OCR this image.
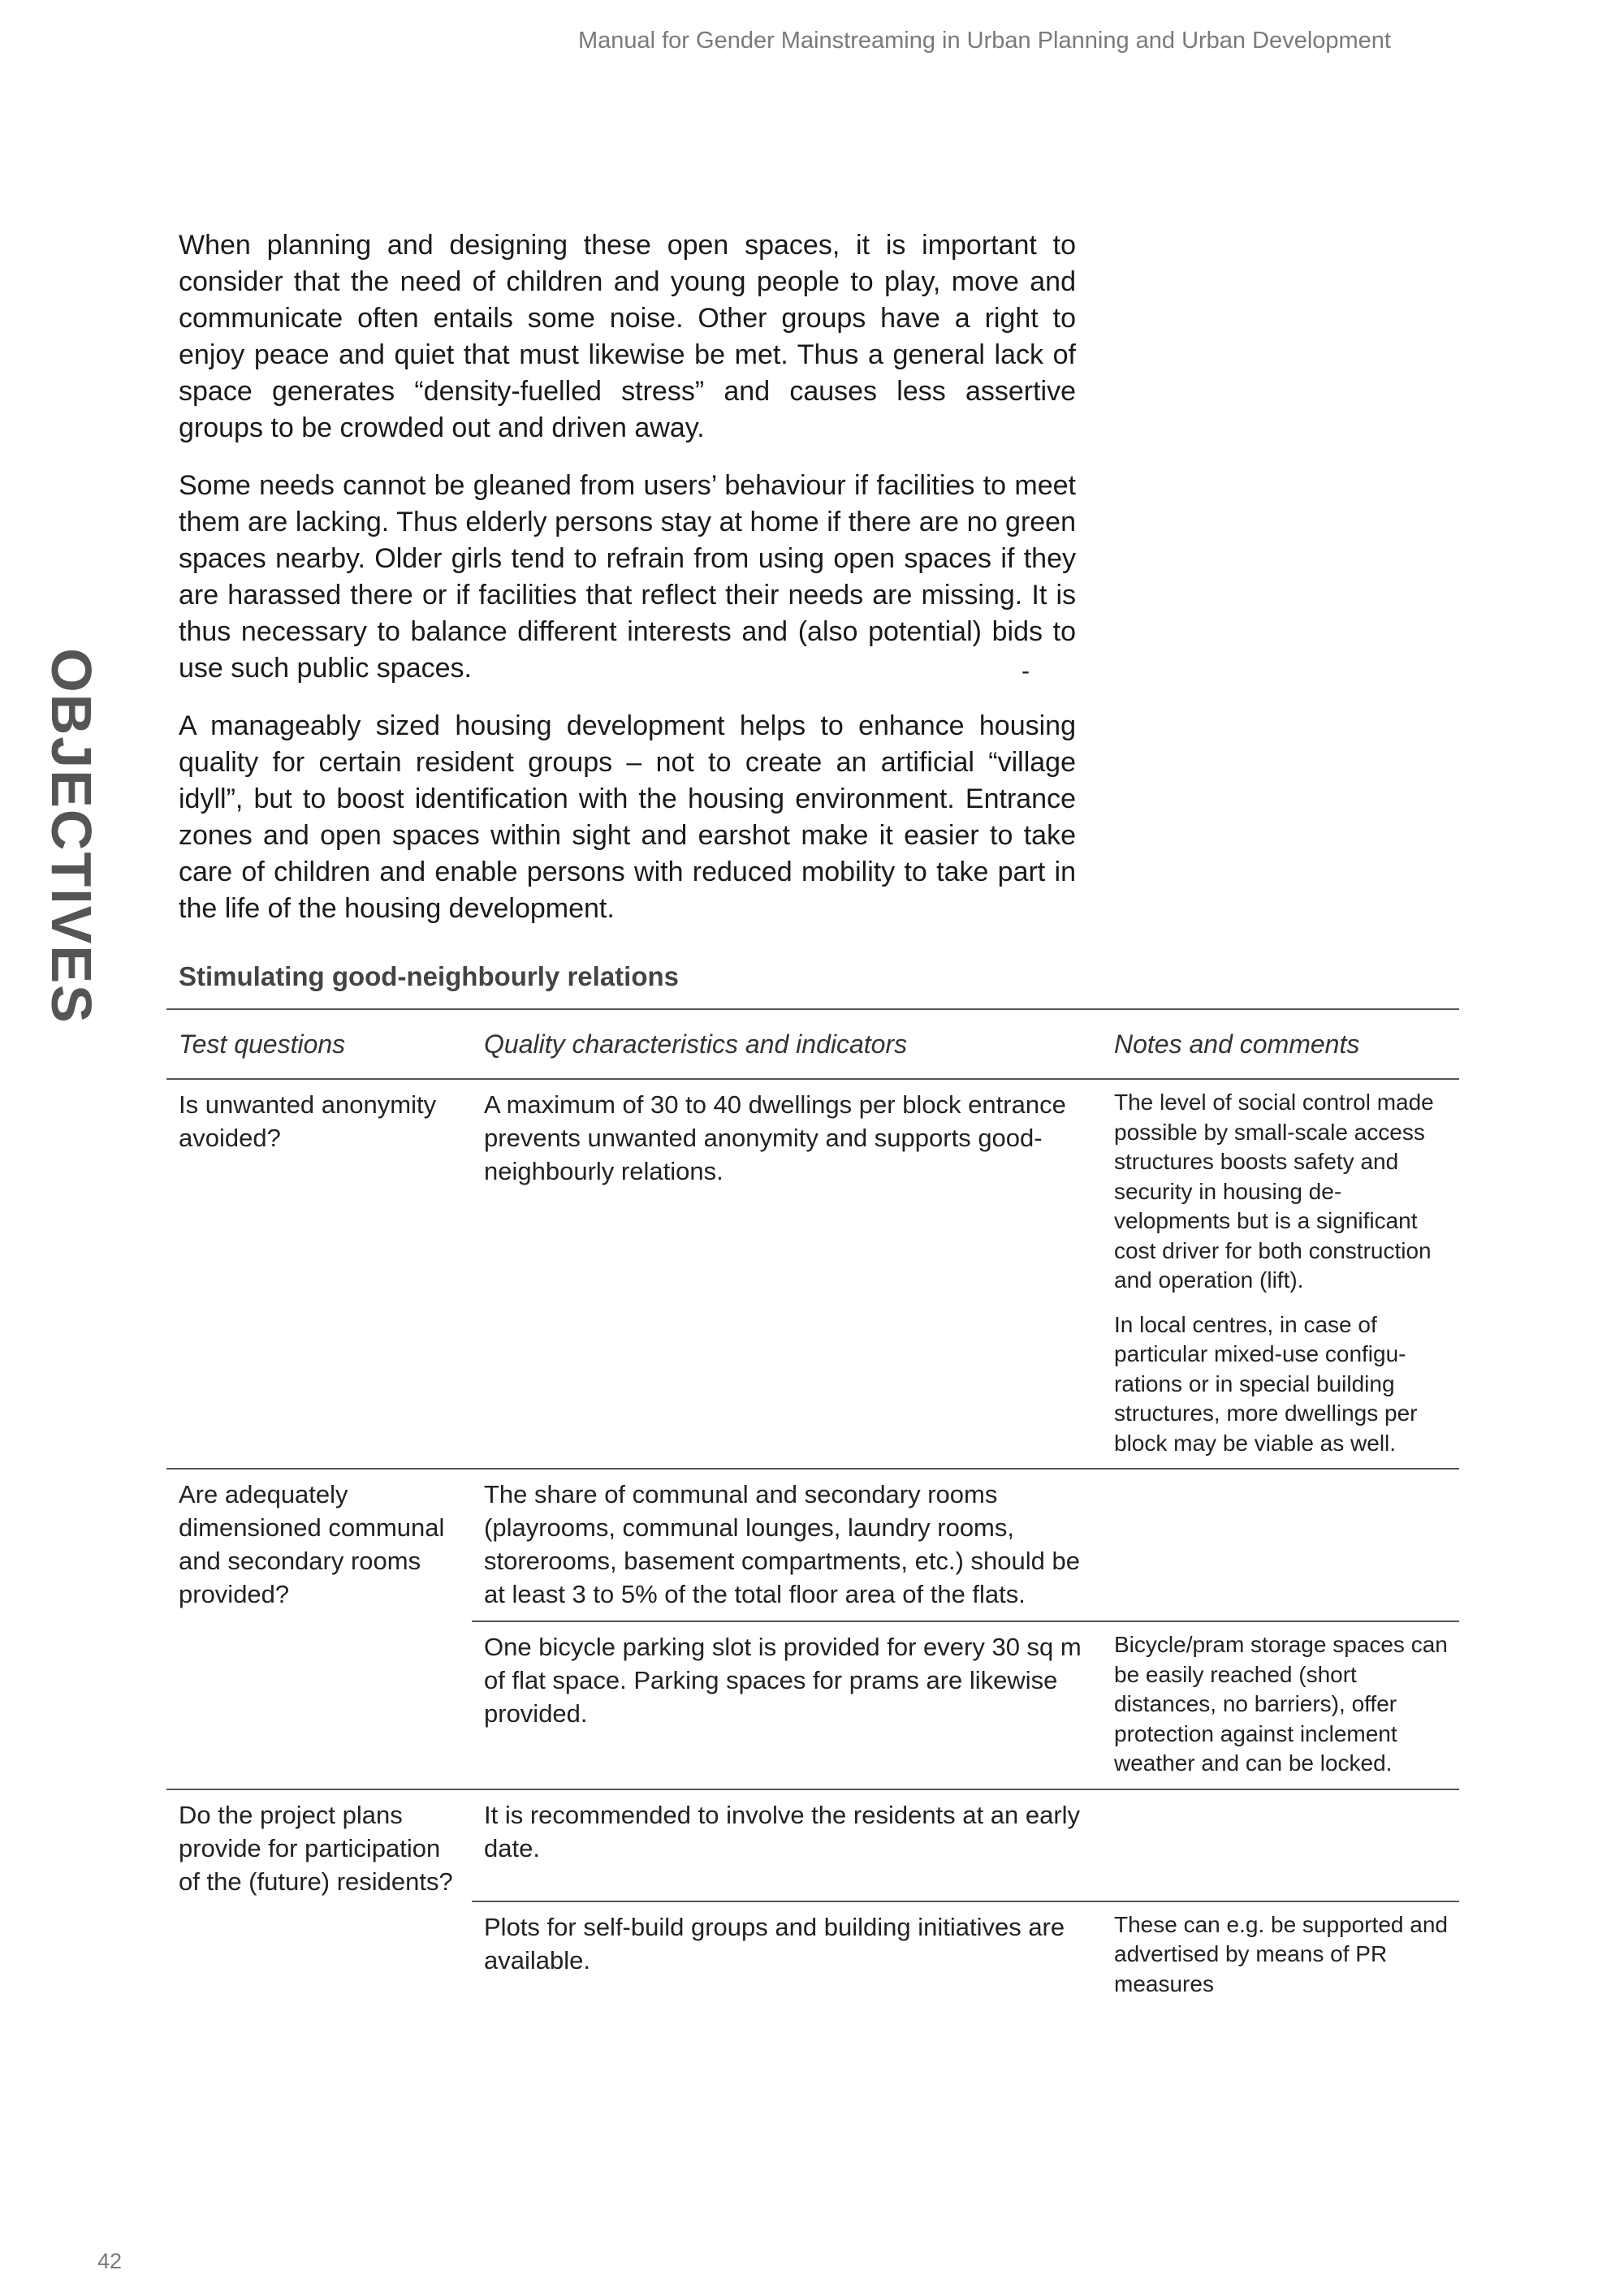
Manual for Gender Mainstreaming in Urban Planning and Urban Development
OBJECTIVES

When planning and designing these open spaces, it is important to consider that the need of children and young people to play, move and communicate often entails some noise. Other groups have a right to enjoy peace and quiet that must likewise be met. Thus a general lack of space generates “density-fuelled stress” and causes less assertive groups to be crowded out and driven away.

Some needs cannot be gleaned from users’ behaviour if facilities to meet them are lacking. Thus elderly persons stay at home if there are no green spaces nearby. Older girls tend to refrain from using open spaces if they are harassed there or if facilities that reflect their needs are missing. It is thus necessary to balance different interests and (also potential) bids to use such public spaces.

A manageably sized housing development helps to enhance housing quality for certain resident groups – not to create an artificial “village idyll”, but to boost identification with the housing environment. Entrance zones and open spaces within sight and earshot make it easier to take care of children and enable persons with reduced mobility to take part in the life of the housing development.

-
Stimulating good-neighbourly relations
Test questions	Quality characteristics and indicators	Notes and comments
Is unwanted anonymity avoided?	A maximum of 30 to 40 dwellings per block entrance prevents unwanted anonymity and supports good-neighbourly relations.	The level of social control made possible by small-scale access structures boosts safety and security in housing developments but is a significant cost driver for both construction and operation (lift).
In local centres, in case of particular mixed-use configurations or in special building structures, more dwellings per block may be viable as well.

Are adequately dimensioned communal and secondary rooms provided?	The share of communal and secondary rooms (playrooms, communal lounges, laundry rooms, storerooms, basement compartments, etc.) should be at least 3 to 5% of the total floor area of the flats.	
	One bicycle parking slot is provided for every 30 sq m of flat space. Parking spaces for prams are likewise provided.	Bicycle/pram storage spaces can be easily reached (short distances, no barriers), offer protection against inclement weather and can be locked.

Do the project plans provide for participation of the (future) residents?	It is recommended to involve the residents at an early date.	
	Plots for self-build groups and building initiatives are available.	These can e.g. be supported and advertised by means of PR measures

42
